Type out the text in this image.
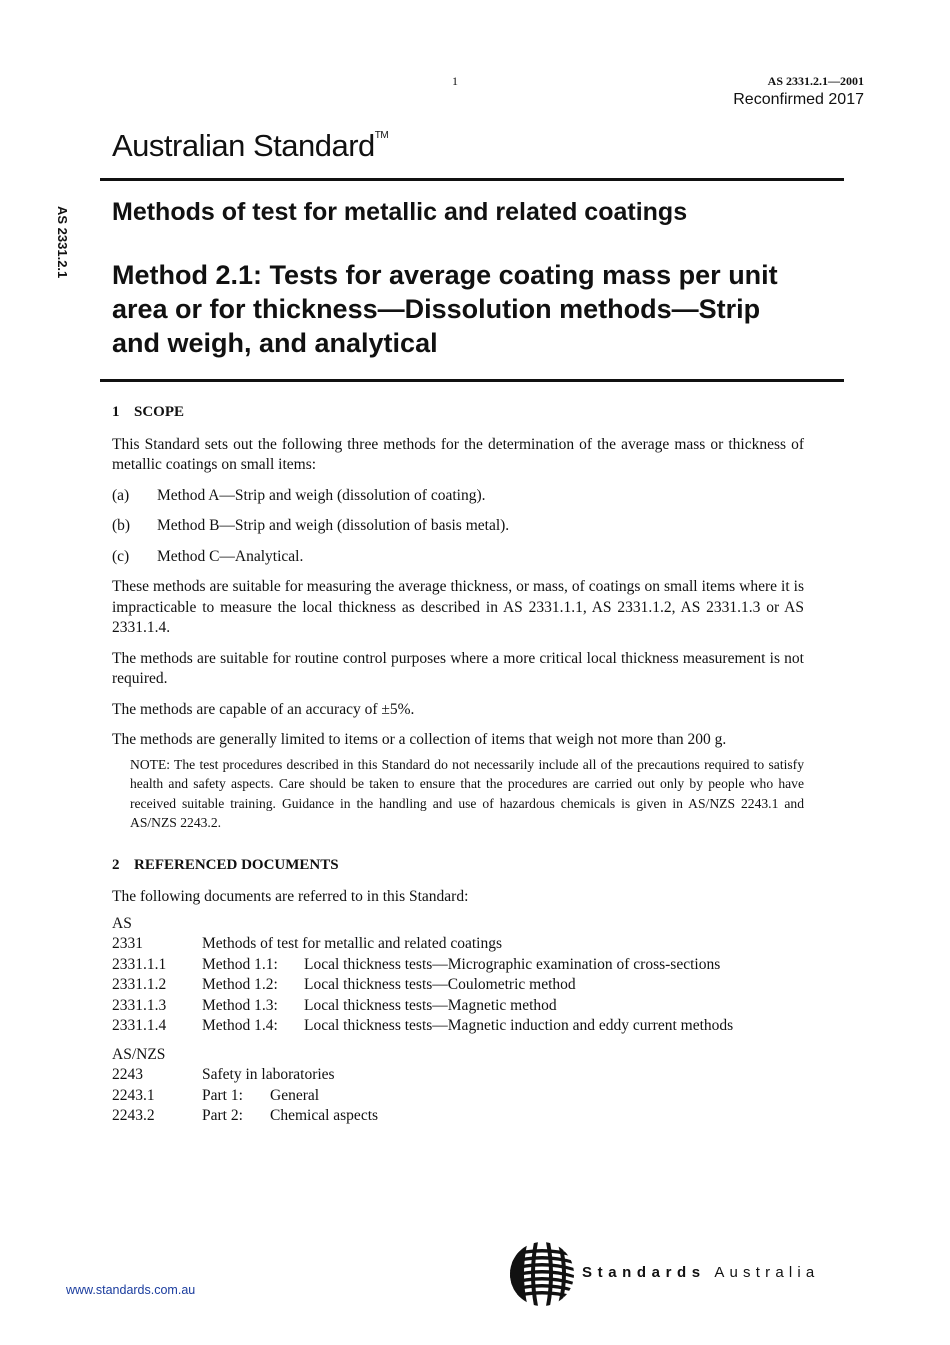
1	AS 2331.2.1—2001
Reconfirmed 2017
Australian Standard™
AS 2331.2.1 Methods of test for metallic and related coatings
Method 2.1: Tests for average coating mass per unit area or for thickness—Dissolution methods—Strip and weigh, and analytical
1 SCOPE

This Standard sets out the following three methods for the determination of the average mass or thickness of metallic coatings on small items:

(a)	Method A—Strip and weigh (dissolution of coating).
(b)	Method B—Strip and weigh (dissolution of basis metal).
(c)	Method C—Analytical.

These methods are suitable for measuring the average thickness, or mass, of coatings on small items where it is impracticable to measure the local thickness as described in AS 2331.1.1, AS 2331.1.2, AS 2331.1.3 or AS 2331.1.4.

The methods are suitable for routine control purposes where a more critical local thickness measurement is not required.

The methods are capable of an accuracy of ±5%.

The methods are generally limited to items or a collection of items that weigh not more than 200 g.

NOTE: The test procedures described in this Standard do not necessarily include all of the precautions required to satisfy health and safety aspects. Care should be taken to ensure that the procedures are carried out only by people who have received suitable training. Guidance in the handling and use of hazardous chemicals is given in AS/NZS 2243.1 and AS/NZS 2243.2.
2 REFERENCED DOCUMENTS

The following documents are referred to in this Standard:

AS
2331	Methods of test for metallic and related coatings
2331.1.1	Method 1.1: Local thickness tests—Micrographic examination of cross-sections
2331.1.2	Method 1.2: Local thickness tests—Coulometric method
2331.1.3	Method 1.3: Local thickness tests—Magnetic method
2331.1.4	Method 1.4: Local thickness tests—Magnetic induction and eddy current methods
AS/NZS
2243	Safety in laboratories
2243.1	Part 1: General
2243.2	Part 2: Chemical aspects
www.standards.com.au
Standards Australia
